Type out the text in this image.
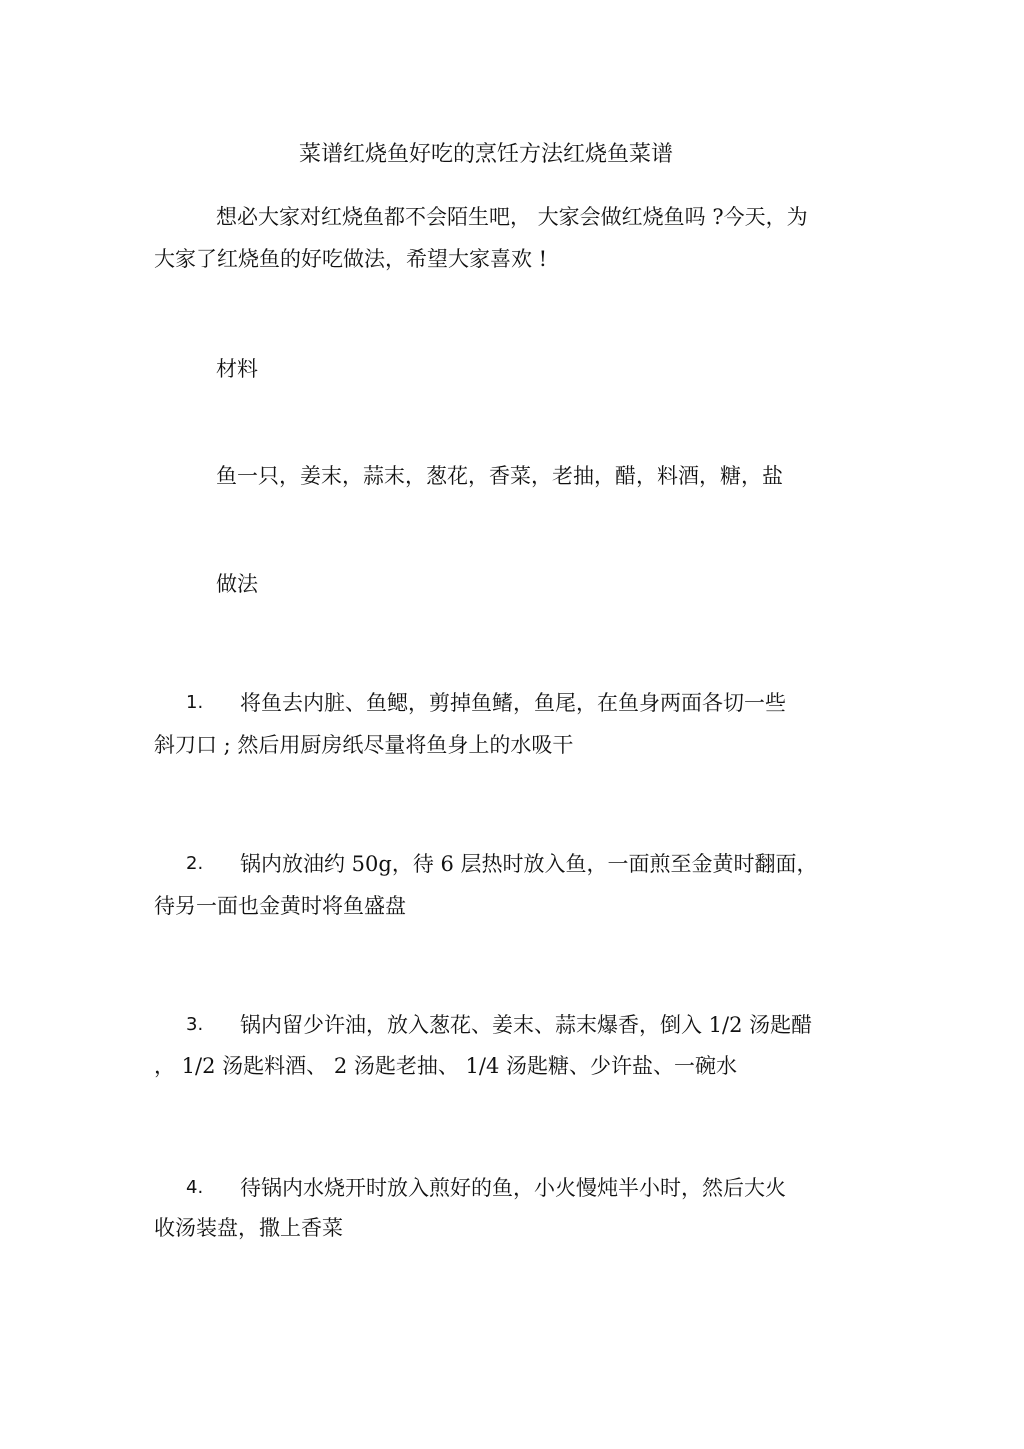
菜谱红烧鱼好吃的烹饪方法红烧鱼菜谱
想必大家对红烧鱼都不会陌生吧， 大家会做红烧鱼吗 ?今天，为
大家了红烧鱼的好吃做法，希望大家喜欢 !
材料
鱼一只，姜末，蒜末，葱花，香菜，老抽，醋，料酒，糖，盐
做法
1. 将鱼去内脏、鱼鳃，剪掉鱼鳍，鱼尾，在鱼身两面各切一些
斜刀口 ; 然后用厨房纸尽量将鱼身上的水吸干
2. 锅内放油约 50g，待 6 层热时放入鱼，一面煎至金黄时翻面，
待另一面也金黄时将鱼盛盘
3. 锅内留少许油，放入葱花、姜末、蒜末爆香，倒入 1/2 汤匙醋
， 1/2 汤匙料酒、 2 汤匙老抽、 1/4 汤匙糖、少许盐、一碗水
4. 待锅内水烧开时放入煎好的鱼，小火慢炖半小时，然后大火
收汤装盘，撒上香菜
